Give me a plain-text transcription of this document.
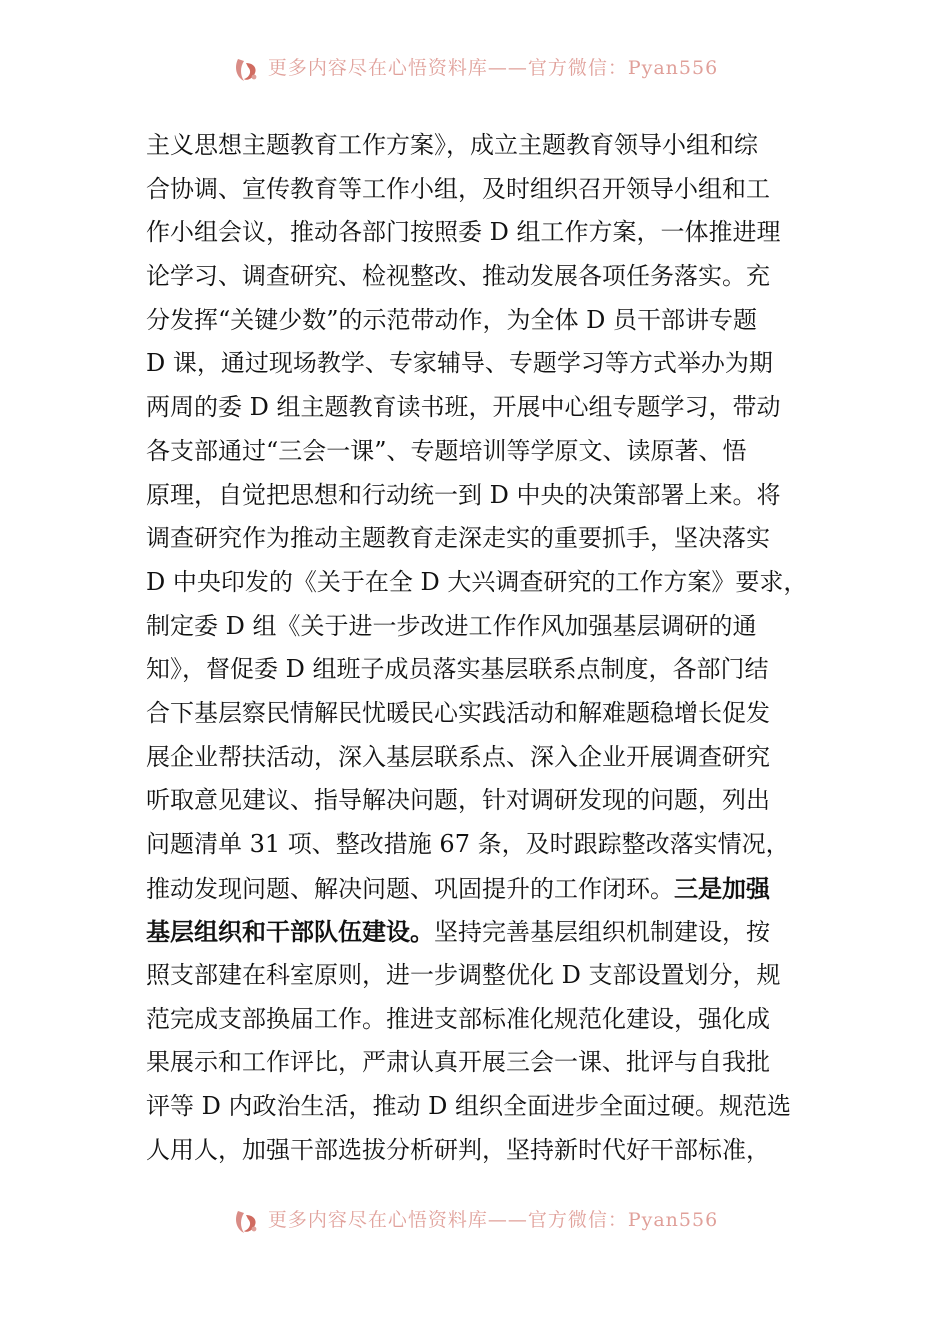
更多内容尽在心悟资料库——官方微信：Pyan556
主义思想主题教育工作方案》，成立主题教育领导小组和综
合协调、宣传教育等工作小组，及时组织召开领导小组和工
作小组会议，推动各部门按照委 D 组工作方案，一体推进理
论学习、调查研究、检视整改、推动发展各项任务落实。充
分发挥“关键少数”的示范带动作，为全体 D 员干部讲专题
D 课，通过现场教学、专家辅导、专题学习等方式举办为期
两周的委 D 组主题教育读书班，开展中心组专题学习，带动
各支部通过“三会一课”、专题培训等学原文、读原著、悟
原理，自觉把思想和行动统一到 D 中央的决策部署上来。将
调查研究作为推动主题教育走深走实的重要抓手，坚决落实
D 中央印发的《关于在全 D 大兴调查研究的工作方案》要求，
制定委 D 组《关于进一步改进工作作风加强基层调研的通
知》，督促委 D 组班子成员落实基层联系点制度，各部门结
合下基层察民情解民忧暖民心实践活动和解难题稳增长促发
展企业帮扶活动，深入基层联系点、深入企业开展调查研究
听取意见建议、指导解决问题，针对调研发现的问题，列出
问题清单 31 项、整改措施 67 条，及时跟踪整改落实情况，
推动发现问题、解决问题、巩固提升的工作闭环。三是加强
基层组织和干部队伍建设。坚持完善基层组织机制建设，按
照支部建在科室原则，进一步调整优化 D 支部设置划分，规
范完成支部换届工作。推进支部标准化规范化建设，强化成
果展示和工作评比，严肃认真开展三会一课、批评与自我批
评等 D 内政治生活，推动 D 组织全面进步全面过硬。规范选
人用人，加强干部选拔分析研判，坚持新时代好干部标准，
更多内容尽在心悟资料库——官方微信：Pyan556
